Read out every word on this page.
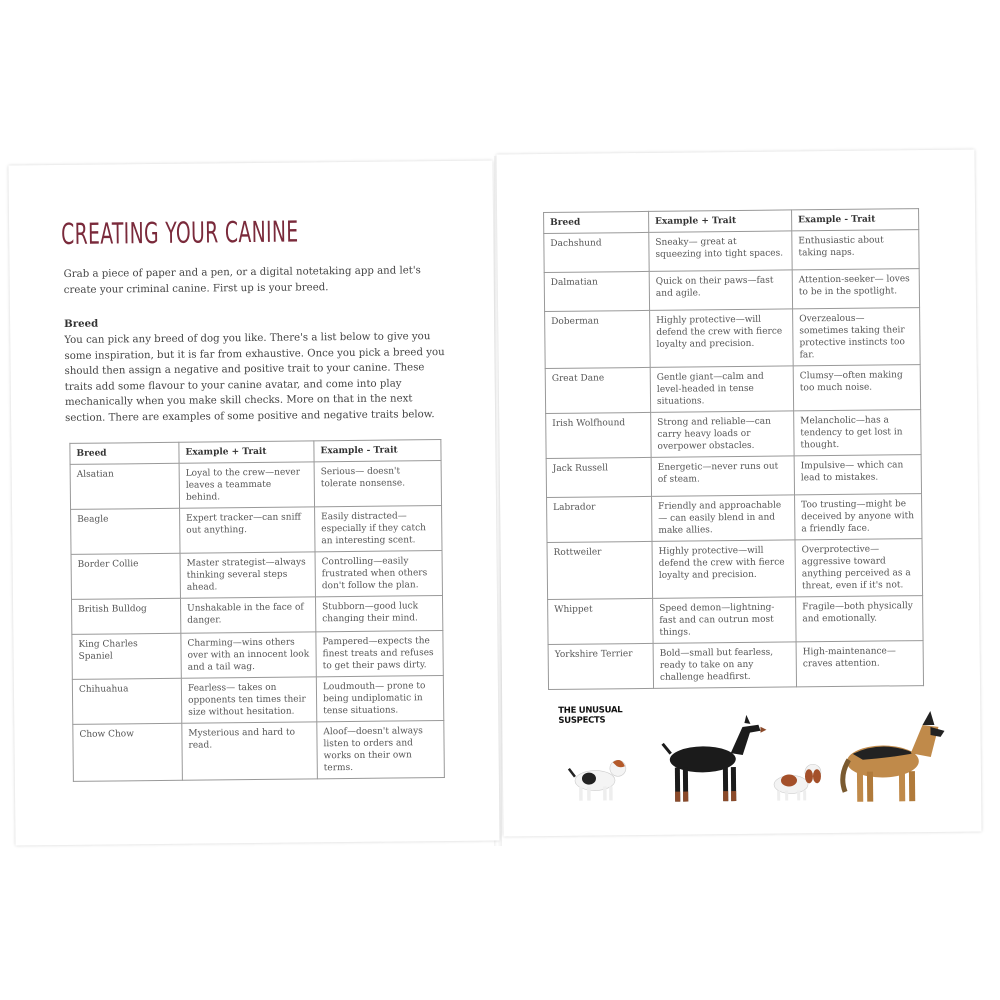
CREATING YOUR CANINE
Grab a piece of paper and a pen, or a digital notetaking app and let's create your criminal canine. First up is your breed.
Breed
You can pick any breed of dog you like. There's a list below to give you some inspiration, but it is far from exhaustive. Once you pick a breed you should then assign a negative and positive trait to your canine. These traits add some flavour to your canine avatar, and come into play mechanically when you make skill checks. More on that in the next section. There are examples of some positive and negative traits below.
Breed	Example + Trait	Example - Trait
Alsatian	Loyal to the crew—never leaves a teammate behind.	Serious— doesn't tolerate nonsense.
Beagle	Expert tracker—can sniff out anything.	Easily distracted— especially if they catch an interesting scent.
Border Collie	Master strategist—always thinking several steps ahead.	Controlling—easily frustrated when others don't follow the plan.
British Bulldog	Unshakable in the face of danger.	Stubborn—good luck changing their mind.
King Charles Spaniel	Charming—wins others over with an innocent look and a tail wag.	Pampered—expects the finest treats and refuses to get their paws dirty.
Chihuahua	Fearless— takes on opponents ten times their size without hesitation.	Loudmouth— prone to being undiplomatic in tense situations.
Chow Chow	Mysterious and hard to read.	Aloof—doesn't always listen to orders and works on their own terms.
Breed	Example + Trait	Example - Trait
Dachshund	Sneaky— great at squeezing into tight spaces.	Enthusiastic about taking naps.
Dalmatian	Quick on their paws—fast and agile.	Attention-seeker— loves to be in the spotlight.
Doberman	Highly protective—will defend the crew with fierce loyalty and precision.	Overzealous— sometimes taking their protective instincts too far.
Great Dane	Gentle giant—calm and level-headed in tense situations.	Clumsy—often making too much noise.
Irish Wolfhound	Strong and reliable—can carry heavy loads or overpower obstacles.	Melancholic—has a tendency to get lost in thought.
Jack Russell	Energetic—never runs out of steam.	Impulsive— which can lead to mistakes.
Labrador	Friendly and approachable— can easily blend in and make allies.	Too trusting—might be deceived by anyone with a friendly face.
Rottweiler	Highly protective—will defend the crew with fierce loyalty and precision.	Overprotective— aggressive toward anything perceived as a threat, even if it's not.
Whippet	Speed demon—lightning-fast and can outrun most things.	Fragile—both physically and emotionally.
Yorkshire Terrier	Bold—small but fearless, ready to take on any challenge headfirst.	High-maintenance— craves attention.
THE UNUSUAL
SUSPECTS
